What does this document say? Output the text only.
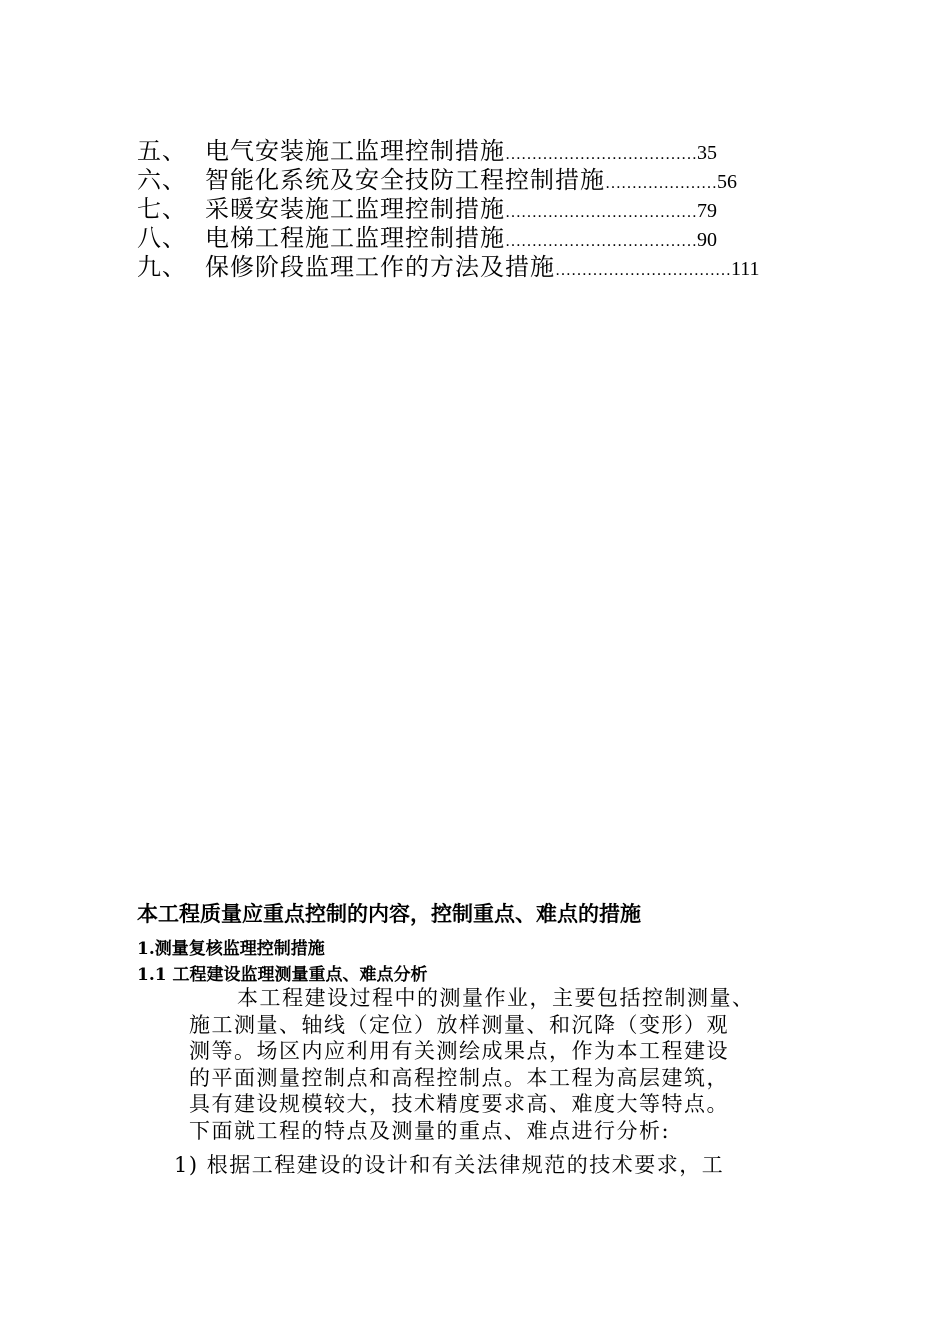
五、 电气安装施工监理控制措施………………………………35
六、 智能化系统及安全技防工程控制措施…………………56
七、 采暖安装施工监理控制措施………………………………79
八、 电梯工程施工监理控制措施………………………………90
九、 保修阶段监理工作的方法及措施……………………………111
本工程质量应重点控制的内容，控制重点、难点的措施
1.测量复核监理控制措施
1.1 工程建设监理测量重点、难点分析
本工程建设过程中的测量作业，主要包括控制测量、
施工测量、轴线（定位）放样测量、和沉降（变形）观
测等。场区内应利用有关测绘成果点，作为本工程建设
的平面测量控制点和高程控制点。本工程为高层建筑，
具有建设规模较大，技术精度要求高、难度大等特点。
下面就工程的特点及测量的重点、难点进行分析:
1) 根据工程建设的设计和有关法律规范的技术要求，工
